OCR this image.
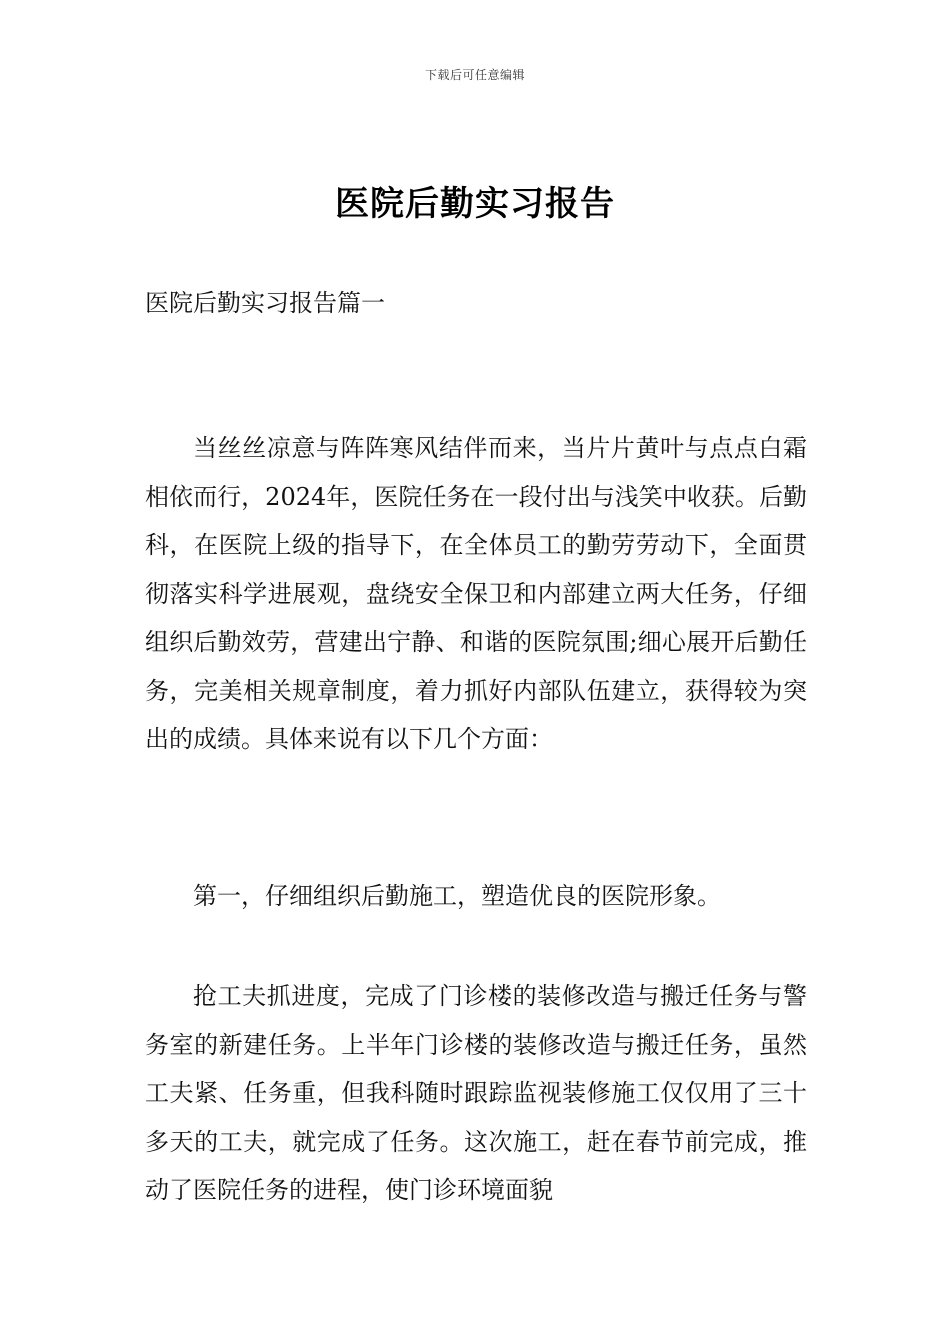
下载后可任意编辑
医院后勤实习报告
医院后勤实习报告篇一

当丝丝凉意与阵阵寒风结伴而来，当片片黄叶与点点白霜相依而行，2024年，医院任务在一段付出与浅笑中收获。后勤科，在医院上级的指导下，在全体员工的勤劳劳动下，全面贯彻落实科学进展观，盘绕安全保卫和内部建立两大任务，仔细组织后勤效劳，营建出宁静、和谐的医院氛围;细心展开后勤任务，完美相关规章制度，着力抓好内部队伍建立，获得较为突出的成绩。具体来说有以下几个方面：

第一，仔细组织后勤施工，塑造优良的医院形象。

抢工夫抓进度，完成了门诊楼的装修改造与搬迁任务与警务室的新建任务。上半年门诊楼的装修改造与搬迁任务，虽然工夫紧、任务重，但我科随时跟踪监视装修施工仅仅用了三十多天的工夫，就完成了任务。这次施工，赶在春节前完成，推动了医院任务的进程，使门诊环境面貌
